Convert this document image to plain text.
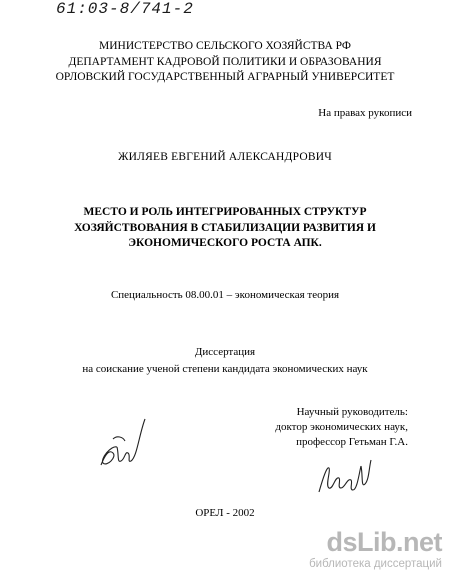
61:03-8/741-2
МИНИСТЕРСТВО СЕЛЬСКОГО ХОЗЯЙСТВА РФ
ДЕПАРТАМЕНТ КАДРОВОЙ ПОЛИТИКИ И ОБРАЗОВАНИЯ
ОРЛОВСКИЙ ГОСУДАРСТВЕННЫЙ АГРАРНЫЙ УНИВЕРСИТЕТ
На правах рукописи
ЖИЛЯЕВ ЕВГЕНИЙ АЛЕКСАНДРОВИЧ
МЕСТО И РОЛЬ ИНТЕГРИРОВАННЫХ СТРУКТУР
ХОЗЯЙСТВОВАНИЯ В СТАБИЛИЗАЦИИ РАЗВИТИЯ И
ЭКОНОМИЧЕСКОГО РОСТА АПК.
Специальность 08.00.01 – экономическая теория
Диссертация
на соискание ученой степени кандидата экономических наук
Научный руководитель:
доктор экономических наук,
профессор Гетьман Г.А.
ОРЕЛ - 2002
dsLib.net
библиотека диссертаций
